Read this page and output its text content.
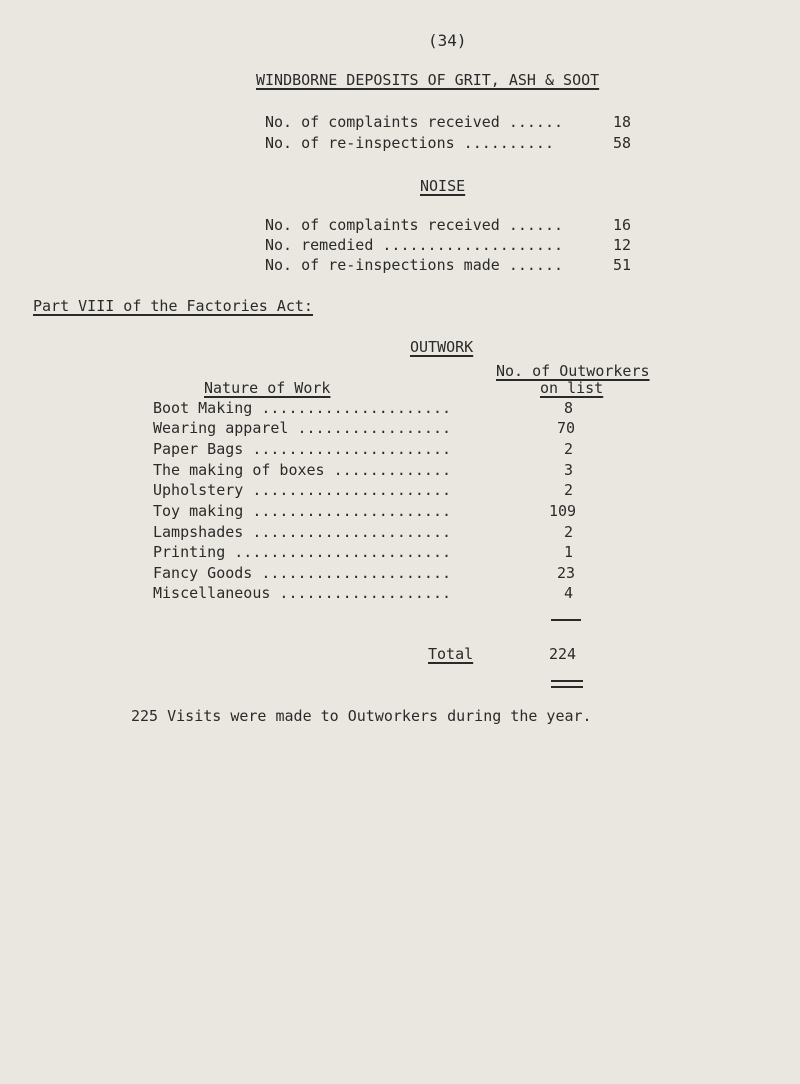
(34)
WINDBORNE DEPOSITS OF GRIT, ASH & SOOT
No. of complaints received ......	18
No. of re-inspections ..........	58
NOISE
No. of complaints received ......	16
No. remedied ....................	12
No. of re-inspections made ......	51
Part VIII of the Factories Act:
OUTWORK
No. of Outworkers
Nature of Work	on list
Boot Making .....................	8
Wearing apparel .................	70
Paper Bags ......................	2
The making of boxes .............	3
Upholstery ......................	2
Toy making ......................	109
Lampshades ......................	2
Printing ........................	1
Fancy Goods .....................	23
Miscellaneous ...................	4
Total	224
225 Visits were made to Outworkers during the year.
